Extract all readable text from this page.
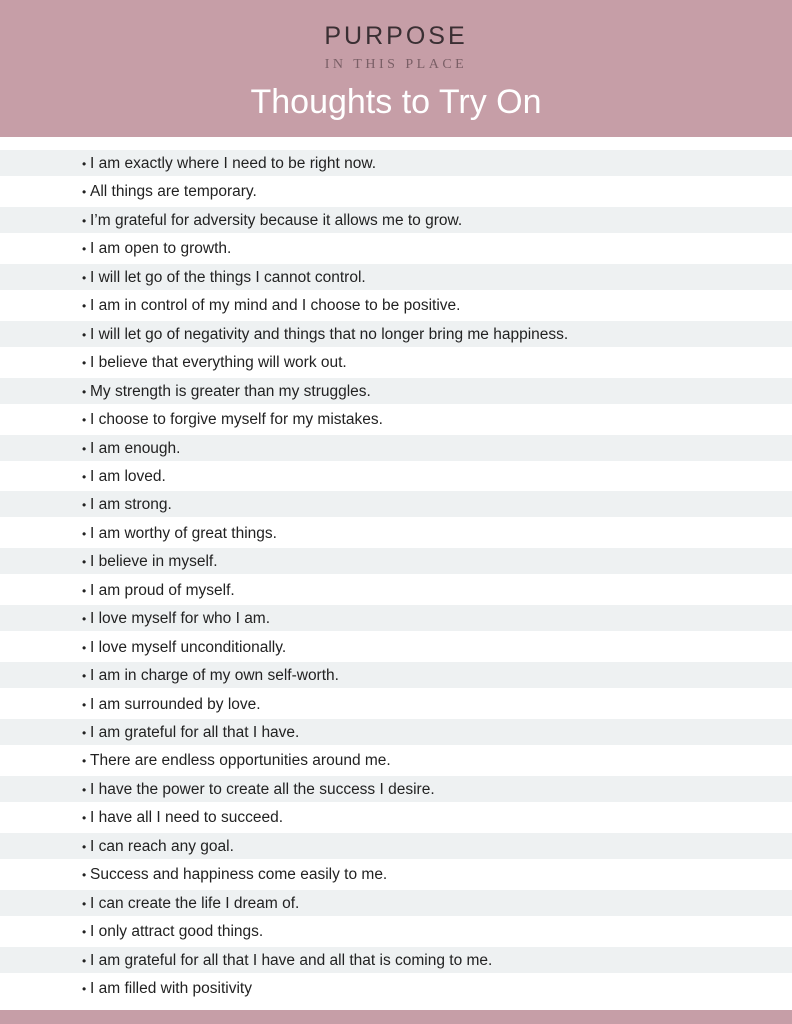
PURPOSE
IN THIS PLACE
Thoughts to Try On
• I am exactly where I need to be right now.
• All things are temporary.
• I’m grateful for adversity because it allows me to grow.
• I am open to growth.
• I will let go of the things I cannot control.
• I am in control of my mind and I choose to be positive.
• I will let go of negativity and things that no longer bring me happiness.
• I believe that everything will work out.
• My strength is greater than my struggles.
• I choose to forgive myself for my mistakes.
• I am enough.
• I am loved.
• I am strong.
• I am worthy of great things.
• I believe in myself.
• I am proud of myself.
• I love myself for who I am.
• I love myself unconditionally.
• I am in charge of my own self-worth.
• I am surrounded by love.
• I am grateful for all that I have.
• There are endless opportunities around me.
• I have the power to create all the success I desire.
• I have all I need to succeed.
• I can reach any goal.
• Success and happiness come easily to me.
• I can create the life I dream of.
• I only attract good things.
• I am grateful for all that I have and all that is coming to me.
• I am filled with positivity
